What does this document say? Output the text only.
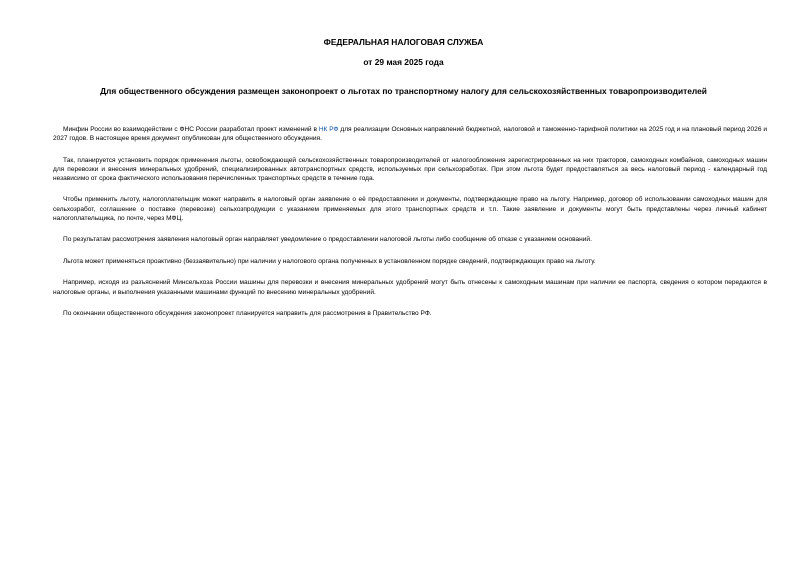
ФЕДЕРАЛЬНАЯ НАЛОГОВАЯ СЛУЖБА
от 29 мая 2025 года
Для общественного обсуждения размещен законопроект о льготах по транспортному налогу для сельскохозяйственных товаропроизводителей

Минфин России во взаимодействии с ФНС России разработал проект изменений в НК РФ для реализации Основных направлений бюджетной, налоговой и таможенно-тарифной политики на 2025 год и на плановый период 2026 и 2027 годов. В настоящее время документ опубликован для общественного обсуждения.

Так, планируется установить порядок применения льготы, освобождающей сельскохозяйственных товаропроизводителей от налогообложения зарегистрированных на них тракторов, самоходных комбайнов, самоходных машин для перевозки и внесения минеральных удобрений, специализированных автотранспортных средств, используемых при сельхозработах. При этом льгота будет предоставляться за весь налоговый период - календарный год независимо от срока фактического использования перечисленных транспортных средств в течение года.

Чтобы применить льготу, налогоплательщик может направить в налоговый орган заявление о её предоставлении и документы, подтверждающие право на льготу. Например, договор об использовании самоходных машин для сельхозработ, соглашение о поставке (перевозке) сельхозпродукции с указанием применяемых для этого транспортных средств и т.п. Такие заявление и документы могут быть представлены через личный кабинет налогоплательщика, по почте, через МФЦ.

По результатам рассмотрения заявления налоговый орган направляет уведомление о предоставлении налоговой льготы либо сообщение об отказе с указанием оснований.

Льгота может применяться проактивно (беззаявительно) при наличии у налогового органа полученных в установленном порядке сведений, подтверждающих право на льготу.

Например, исходя из разъяснений Минсельхоза России машины для перевозки и внесения минеральных удобрений могут быть отнесены к самоходным машинам при наличии ее паспорта, сведения о котором передаются в налоговые органы, и выполнения указанными машинами функций по внесению минеральных удобрений.

По окончании общественного обсуждения законопроект планируется направить для рассмотрения в Правительство РФ.
